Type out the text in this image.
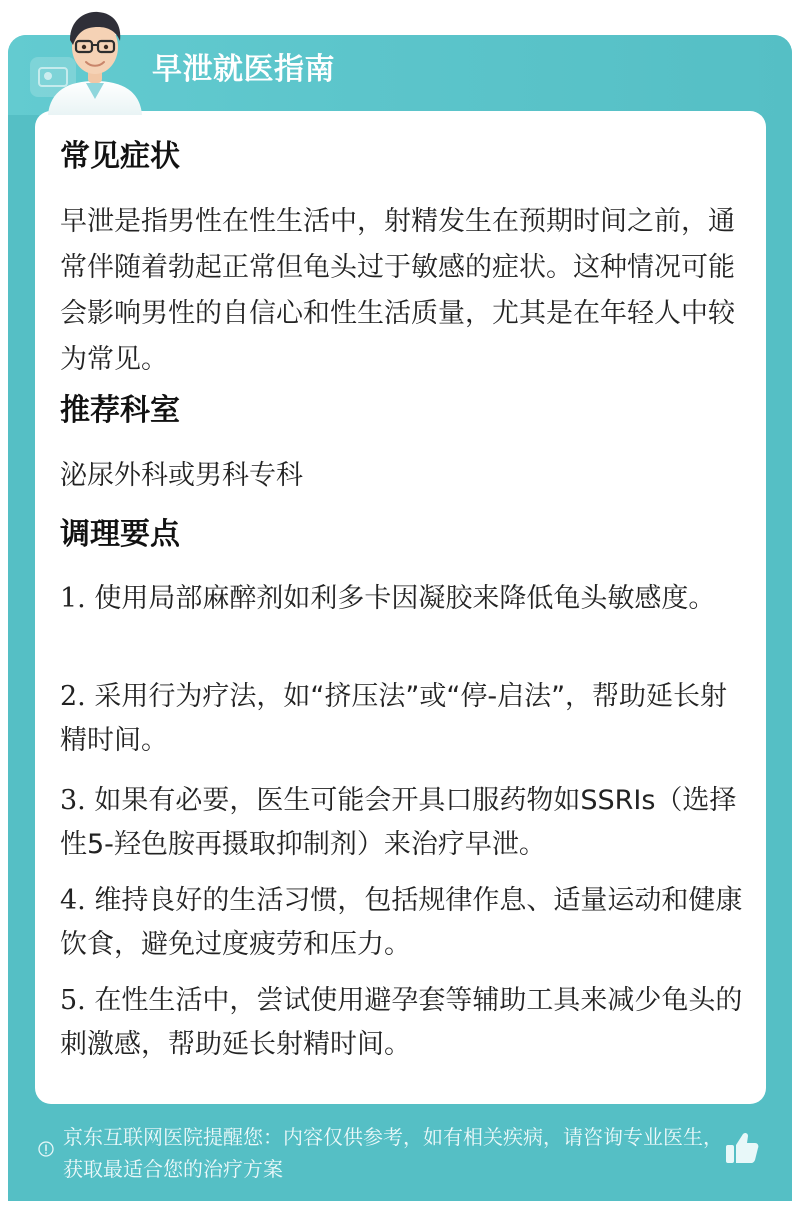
早泄就医指南
常见症状
早泄是指男性在性生活中，射精发生在预期时间之前，通常伴随着勃起正常但龟头过于敏感的症状。这种情况可能会影响男性的自信心和性生活质量，尤其是在年轻人中较为常见。
推荐科室
泌尿外科或男科专科
调理要点
1. 使用局部麻醉剂如利多卡因凝胶来降低龟头敏感度。
2. 采用行为疗法，如“挤压法”或“停-启法”，帮助延长射精时间。
3. 如果有必要，医生可能会开具口服药物如SSRIs（选择性5-羟色胺再摄取抑制剂）来治疗早泄。
4. 维持良好的生活习惯，包括规律作息、适量运动和健康饮食，避免过度疲劳和压力。
5. 在性生活中，尝试使用避孕套等辅助工具来减少龟头的刺激感，帮助延长射精时间。
京东互联网医院提醒您：内容仅供参考，如有相关疾病，请咨询专业医生，获取最适合您的治疗方案
